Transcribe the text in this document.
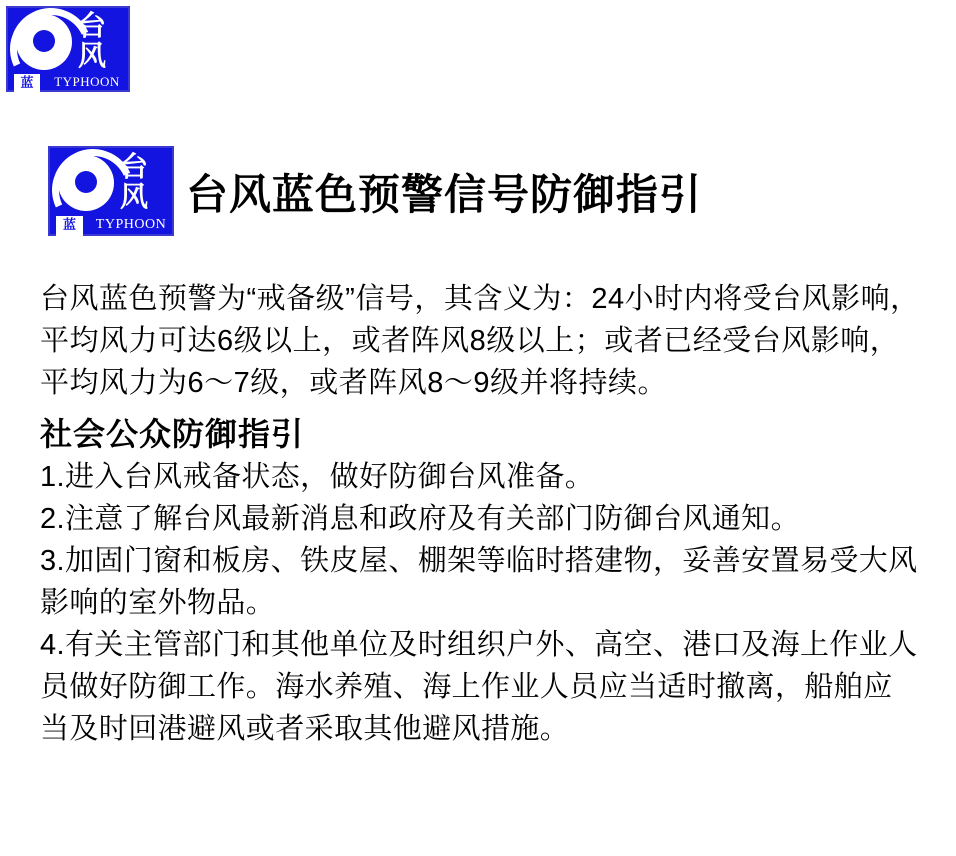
台
风
蓝	TYPHOON
台
风
蓝	TYPHOON
台风蓝色预警信号防御指引

台风蓝色预警为“戒备级”信号，其含义为：24小时内将受台风影响，平均风力可达6级以上，或者阵风8级以上；或者已经受台风影响，平均风力为6～7级，或者阵风8～9级并将持续。

社会公众防御指引
1.进入台风戒备状态，做好防御台风准备。
2.注意了解台风最新消息和政府及有关部门防御台风通知。
3.加固门窗和板房、铁皮屋、棚架等临时搭建物，妥善安置易受大风影响的室外物品。
4.有关主管部门和其他单位及时组织户外、高空、港口及海上作业人员做好防御工作。海水养殖、海上作业人员应当适时撤离，船舶应当及时回港避风或者采取其他避风措施。
